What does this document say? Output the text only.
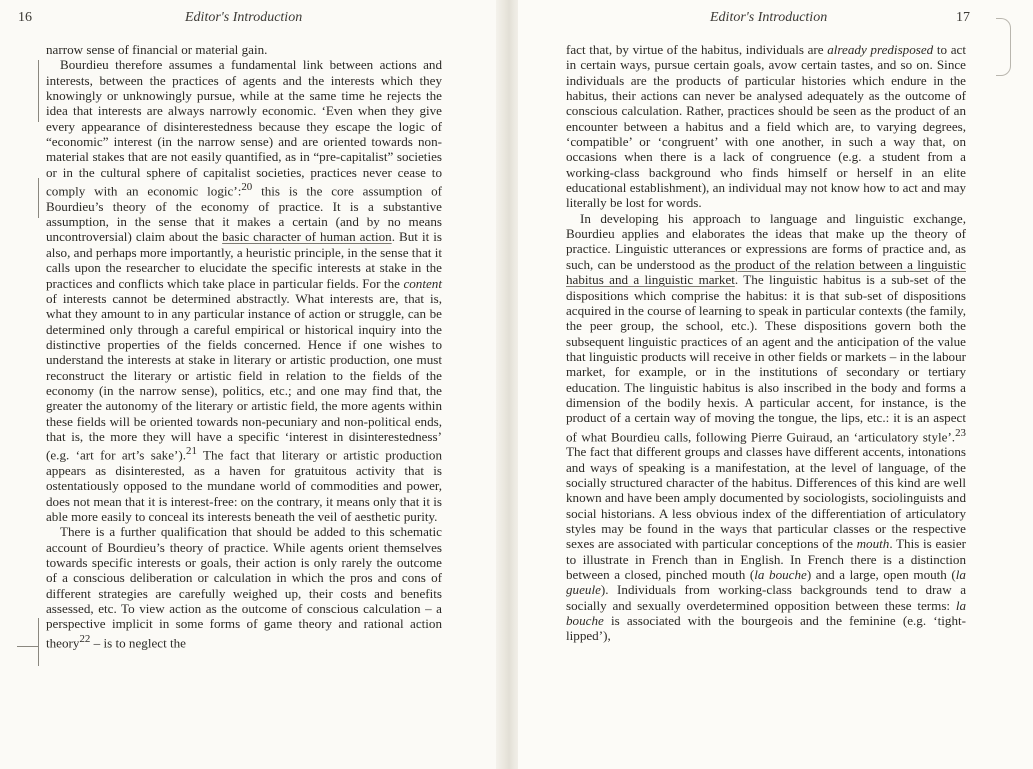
16	Editor's Introduction

narrow sense of financial or material gain.

Bourdieu therefore assumes a fundamental link between actions and interests, between the practices of agents and the interests which they knowingly or unknowingly pursue, while at the same time he rejects the idea that interests are always narrowly economic. ‘Even when they give every appearance of disinterestedness because they escape the logic of “economic” interest (in the narrow sense) and are oriented towards non-material stakes that are not easily quantified, as in “pre-capitalist” societies or in the cultural sphere of capitalist societies, practices never cease to comply with an economic logic’:$^{20}$ this is the core assumption of Bourdieu’s theory of the economy of practice. It is a substantive assumption, in the sense that it makes a certain (and by no means uncontroversial) claim about the basic character of human action. But it is also, and perhaps more importantly, a heuristic principle, in the sense that it calls upon the researcher to elucidate the specific interests at stake in the practices and conflicts which take place in particular fields. For the content of interests cannot be determined abstractly. What interests are, that is, what they amount to in any particular instance of action or struggle, can be determined only through a careful empirical or historical inquiry into the distinctive properties of the fields concerned. Hence if one wishes to understand the interests at stake in literary or artistic production, one must reconstruct the literary or artistic field in relation to the fields of the economy (in the narrow sense), politics, etc.; and one may find that, the greater the autonomy of the literary or artistic field, the more agents within these fields will be oriented towards non-pecuniary and non-political ends, that is, the more they will have a specific ‘interest in disinterestedness’ (e.g. ‘art for art’s sake’).$^{21}$ The fact that literary or artistic production appears as disinterested, as a haven for gratuitous activity that is ostentatiously opposed to the mundane world of commodities and power, does not mean that it is interest-free: on the contrary, it means only that it is able more easily to conceal its interests beneath the veil of aesthetic purity.

There is a further qualification that should be added to this schematic account of Bourdieu’s theory of practice. While agents orient themselves towards specific interests or goals, their action is only rarely the outcome of a conscious deliberation or calculation in which the pros and cons of different strategies are carefully weighed up, their costs and benefits assessed, etc. To view action as the outcome of conscious calculation – a perspective implicit in some forms of game theory and rational action theory$^{22}$ – is to neglect the

Editor's Introduction	17

fact that, by virtue of the habitus, individuals are already predisposed to act in certain ways, pursue certain goals, avow certain tastes, and so on. Since individuals are the products of particular histories which endure in the habitus, their actions can never be analysed adequately as the outcome of conscious calculation. Rather, practices should be seen as the product of an encounter between a habitus and a field which are, to varying degrees, ‘compatible’ or ‘congruent’ with one another, in such a way that, on occasions when there is a lack of congruence (e.g. a student from a working-class background who finds himself or herself in an elite educational establishment), an individual may not know how to act and may literally be lost for words.

In developing his approach to language and linguistic exchange, Bourdieu applies and elaborates the ideas that make up the theory of practice. Linguistic utterances or expressions are forms of practice and, as such, can be understood as the product of the relation between a linguistic habitus and a linguistic market. The linguistic habitus is a sub-set of the dispositions which comprise the habitus: it is that sub-set of dispositions acquired in the course of learning to speak in particular contexts (the family, the peer group, the school, etc.). These dispositions govern both the subsequent linguistic practices of an agent and the anticipation of the value that linguistic products will receive in other fields or markets – in the labour market, for example, or in the institutions of secondary or tertiary education. The linguistic habitus is also inscribed in the body and forms a dimension of the bodily hexis. A particular accent, for instance, is the product of a certain way of moving the tongue, the lips, etc.: it is an aspect of what Bourdieu calls, following Pierre Guiraud, an ‘articulatory style’.$^{23}$ The fact that different groups and classes have different accents, intonations and ways of speaking is a manifestation, at the level of language, of the socially structured character of the habitus. Differences of this kind are well known and have been amply documented by sociologists, sociolinguists and social historians. A less obvious index of the differentiation of articulatory styles may be found in the ways that particular classes or the respective sexes are associated with particular conceptions of the mouth. This is easier to illustrate in French than in English. In French there is a distinction between a closed, pinched mouth (la bouche) and a large, open mouth (la gueule). Individuals from working-class backgrounds tend to draw a socially and sexually overdetermined opposition between these terms: la bouche is associated with the bourgeois and the feminine (e.g. ‘tight-lipped’),
